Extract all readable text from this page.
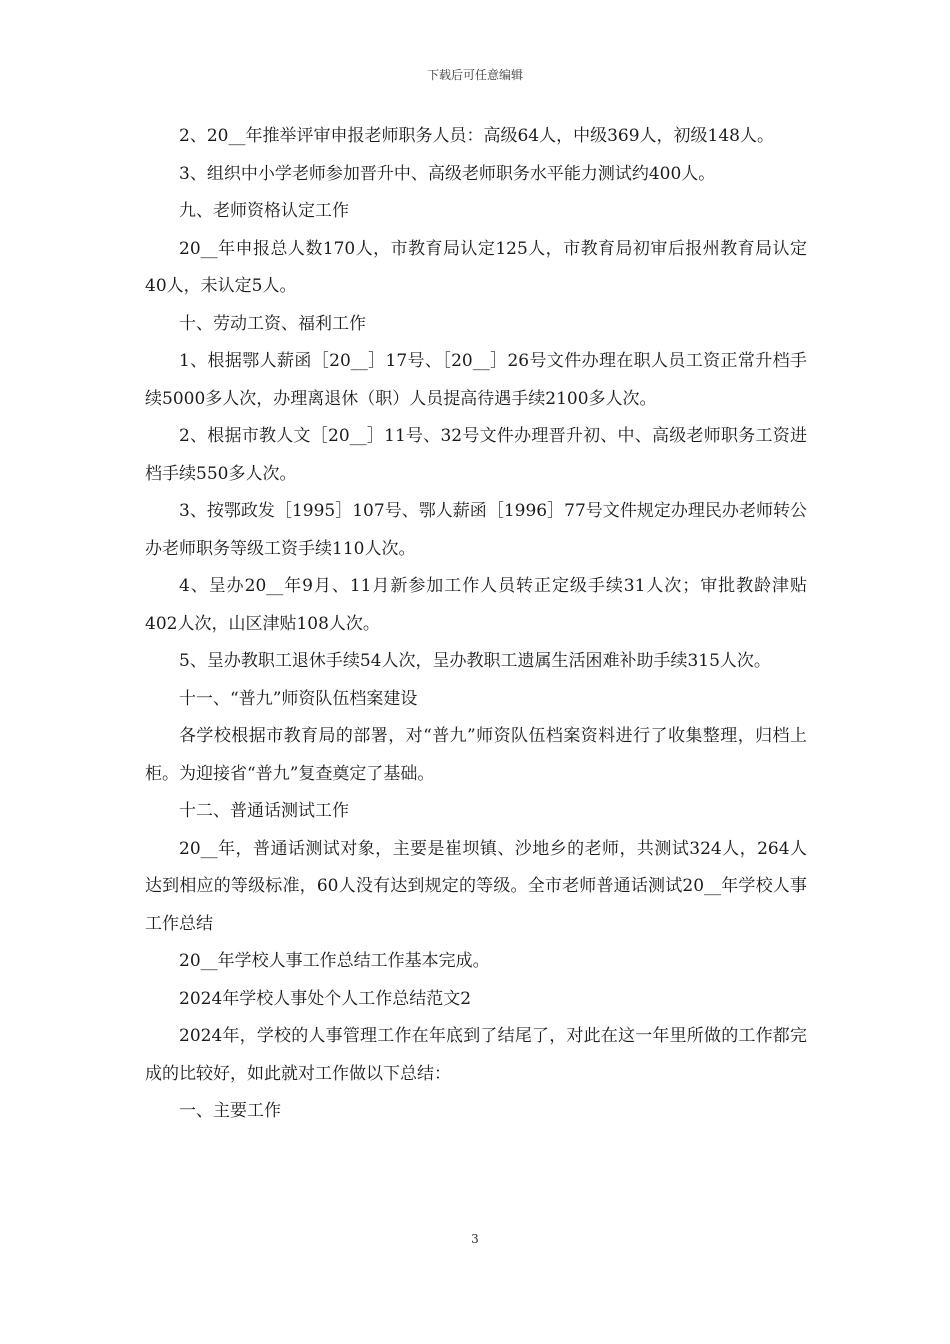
下载后可任意编辑

2、20__年推举评审申报老师职务人员：高级64人，中级369人，初级148人。

3、组织中小学老师参加晋升中、高级老师职务水平能力测试约400人。

九、老师资格认定工作

20__年申报总人数170人，市教育局认定125人，市教育局初审后报州教育局认定40人，未认定5人。

十、劳动工资、福利工作

1、根据鄂人薪函［20__］17号、［20__］26号文件办理在职人员工资正常升档手续5000多人次，办理离退休（职）人员提高待遇手续2100多人次。

2、根据市教人文［20__］11号、32号文件办理晋升初、中、高级老师职务工资进档手续550多人次。

3、按鄂政发［1995］107号、鄂人薪函［1996］77号文件规定办理民办老师转公办老师职务等级工资手续110人次。

4、呈办20__年9月、11月新参加工作人员转正定级手续31人次；审批教龄津贴402人次，山区津贴108人次。

5、呈办教职工退休手续54人次，呈办教职工遗属生活困难补助手续315人次。

十一、“普九”师资队伍档案建设

各学校根据市教育局的部署，对“普九”师资队伍档案资料进行了收集整理，归档上柜。为迎接省“普九”复查奠定了基础。

十二、普通话测试工作

20__年，普通话测试对象，主要是崔坝镇、沙地乡的老师，共测试324人，264人达到相应的等级标准，60人没有达到规定的等级。全市老师普通话测试20__年学校人事工作总结

20__年学校人事工作总结工作基本完成。

2024年学校人事处个人工作总结范文2

2024年，学校的人事管理工作在年底到了结尾了，对此在这一年里所做的工作都完成的比较好，如此就对工作做以下总结：

一、主要工作

3
